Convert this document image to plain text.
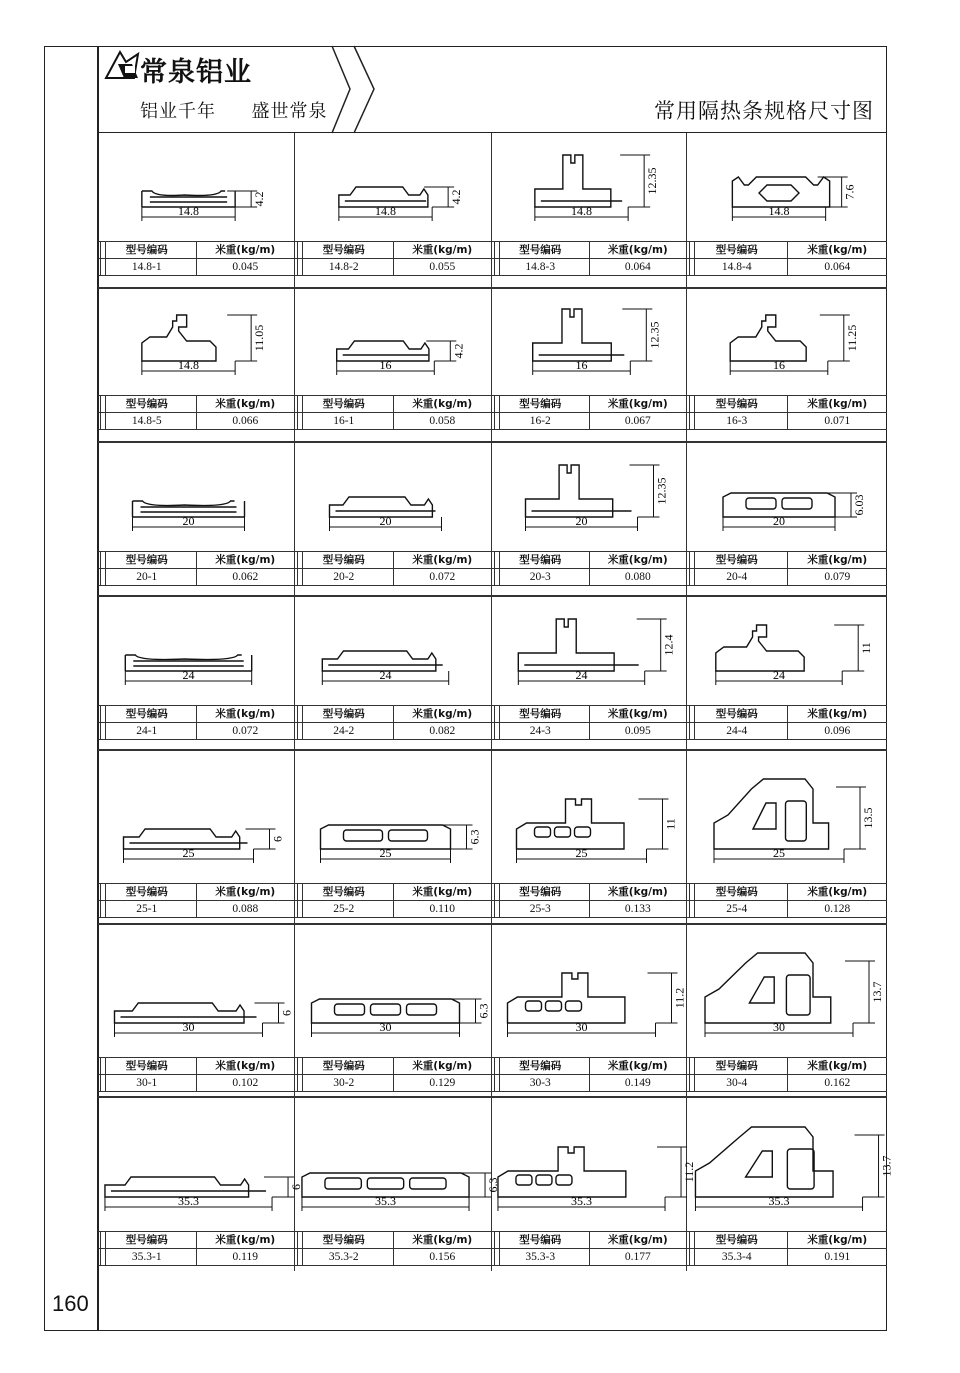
常泉铝业
铝业千年 盛世常泉	常用隔热条规格尺寸图
14.8
4.2
型号编码	米重(kg/m)
14.8-1	0.045
14.8
4.2
型号编码	米重(kg/m)
14.8-2	0.055
14.8
12.35
型号编码	米重(kg/m)
14.8-3	0.064
14.8
7.6
型号编码	米重(kg/m)
14.8-4	0.064
14.8
11.05
型号编码	米重(kg/m)
14.8-5	0.066
16
4.2
型号编码	米重(kg/m)
16-1	0.058
16
12.35
型号编码	米重(kg/m)
16-2	0.067
16
11.25
型号编码	米重(kg/m)
16-3	0.071
20
型号编码	米重(kg/m)
20-1	0.062
20
型号编码	米重(kg/m)
20-2	0.072
20
12.35
型号编码	米重(kg/m)
20-3	0.080
20
6.03
型号编码	米重(kg/m)
20-4	0.079
24
型号编码	米重(kg/m)
24-1	0.072
24
型号编码	米重(kg/m)
24-2	0.082
24
12.4
型号编码	米重(kg/m)
24-3	0.095
24
11
型号编码	米重(kg/m)
24-4	0.096
25
6
型号编码	米重(kg/m)
25-1	0.088
25
6.3
型号编码	米重(kg/m)
25-2	0.110
25
11
型号编码	米重(kg/m)
25-3	0.133
25
13.5
型号编码	米重(kg/m)
25-4	0.128
30
6
型号编码	米重(kg/m)
30-1	0.102
30
6.3
型号编码	米重(kg/m)
30-2	0.129
30
11.2
型号编码	米重(kg/m)
30-3	0.149
30
13.7
型号编码	米重(kg/m)
30-4	0.162
35.3
6
型号编码	米重(kg/m)
35.3-1	0.119
35.3
6.3
型号编码	米重(kg/m)
35.3-2	0.156
35.3
11.2
型号编码	米重(kg/m)
35.3-3	0.177
35.3
13.7
型号编码	米重(kg/m)
35.3-4	0.191
160
